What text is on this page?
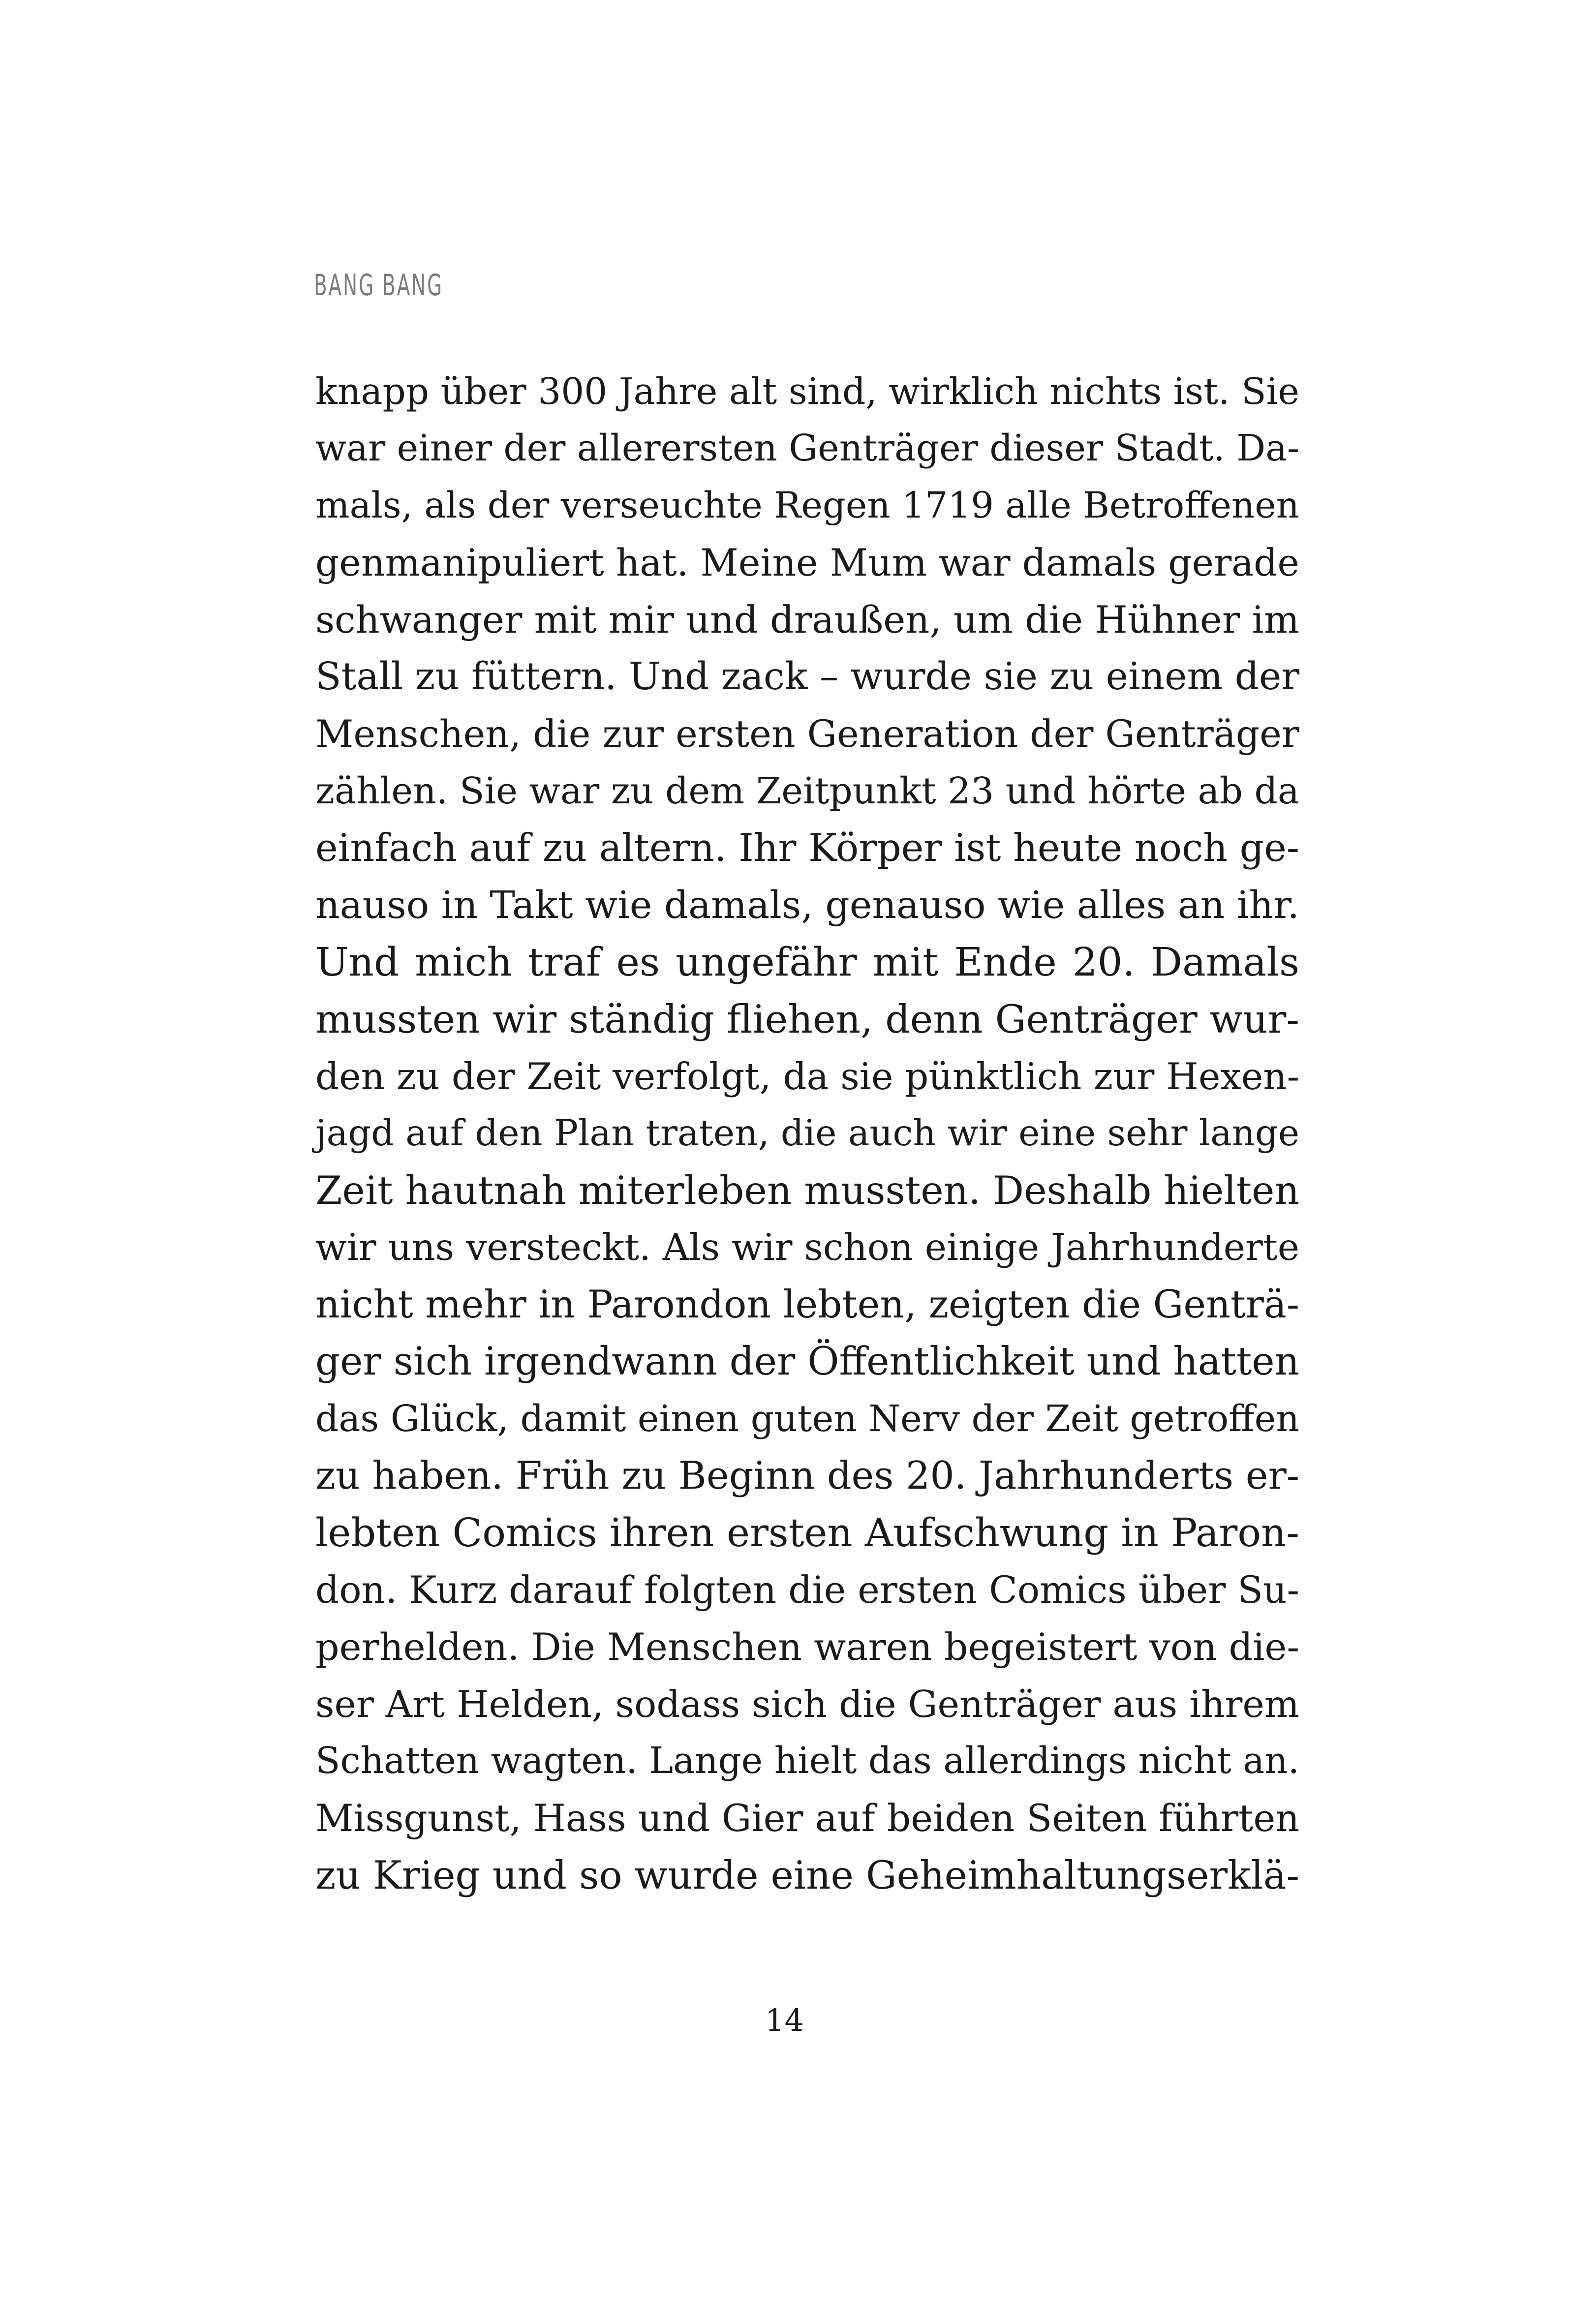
BANG BANG
knapp über 300 Jahre alt sind, wirklich nichts ist. Sie
war einer der allerersten Genträger dieser Stadt. Da-
mals, als der verseuchte Regen 1719 alle Betroffenen
genmanipuliert hat. Meine Mum war damals gerade
schwanger mit mir und draußen, um die Hühner im
Stall zu füttern. Und zack – wurde sie zu einem der
Menschen, die zur ersten Generation der Genträger
zählen. Sie war zu dem Zeitpunkt 23 und hörte ab da
einfach auf zu altern. Ihr Körper ist heute noch ge-
nauso in Takt wie damals, genauso wie alles an ihr.
Und mich traf es ungefähr mit Ende 20. Damals
mussten wir ständig fliehen, denn Genträger wur-
den zu der Zeit verfolgt, da sie pünktlich zur Hexen-
jagd auf den Plan traten, die auch wir eine sehr lange
Zeit hautnah miterleben mussten. Deshalb hielten
wir uns versteckt. Als wir schon einige Jahrhunderte
nicht mehr in Parondon lebten, zeigten die Genträ-
ger sich irgendwann der Öffentlichkeit und hatten
das Glück, damit einen guten Nerv der Zeit getroffen
zu haben. Früh zu Beginn des 20. Jahrhunderts er-
lebten Comics ihren ersten Aufschwung in Paron-
don. Kurz darauf folgten die ersten Comics über Su-
perhelden. Die Menschen waren begeistert von die-
ser Art Helden, sodass sich die Genträger aus ihrem
Schatten wagten. Lange hielt das allerdings nicht an.
Missgunst, Hass und Gier auf beiden Seiten führten
zu Krieg und so wurde eine Geheimhaltungserklä-
14
